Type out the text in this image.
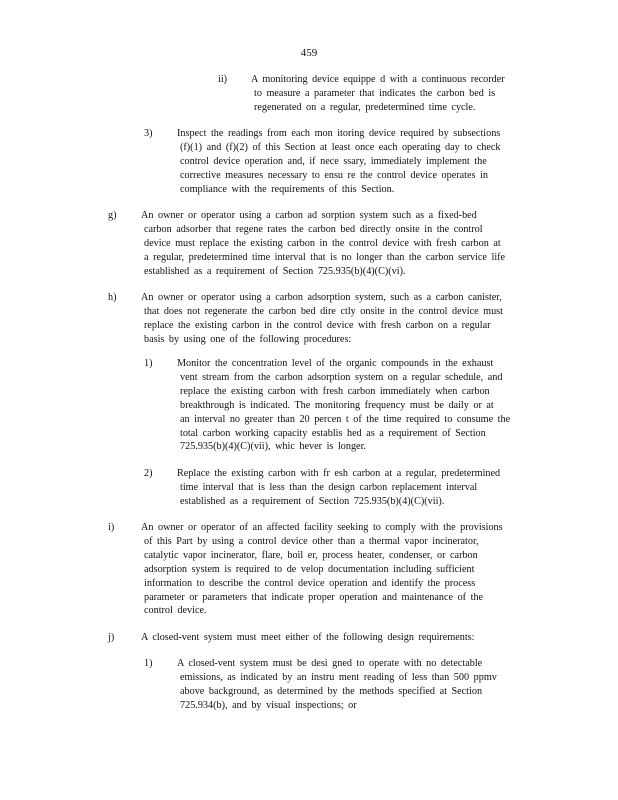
459
ii) A monitoring device equippe d with a continuous recorder
to measure a parameter that indicates the carbon bed is
regenerated on a regular, predetermined time cycle.
3) Inspect the readings from each mon itoring device required by subsections
(f)(1) and (f)(2) of this Section at least once each operating day to check
control device operation and, if nece ssary, immediately implement the
corrective measures necessary to ensu re the control device operates in
compliance with the requirements of this Section.
g) An owner or operator using a carbon ad sorption system such as a fixed-bed
carbon adsorber that regene rates the carbon bed directly onsite in the control
device must replace the existing carbon in the control device with fresh carbon at
a regular, predetermined time interval that is no longer than the carbon service life
established as a requirement of Section 725.935(b)(4)(C)(vi).
h) An owner or operator using a carbon adsorption system, such as a carbon canister,
that does not regenerate the carbon bed dire ctly onsite in the control device must
replace the existing carbon in the control device with fresh carbon on a regular
basis by using one of the following procedures:
1) Monitor the concentration level of the organic compounds in the exhaust
vent stream from the carbon adsorption system on a regular schedule, and
replace the existing carbon with fresh carbon immediately when carbon
breakthrough is indicated. The monitoring frequency must be daily or at
an interval no greater than 20 percen t of the time required to consume the
total carbon working capacity establis hed as a requirement of Section
725.935(b)(4)(C)(vii), whic hever is longer.
2) Replace the existing carbon with fr esh carbon at a regular, predetermined
time interval that is less than the design carbon replacement interval
established as a requirement of Section 725.935(b)(4)(C)(vii).
i)	An owner or operator of an affected facility seeking to comply with the provisions
of this Part by using a control device other than a thermal vapor incinerator,
catalytic vapor incinerator, flare, boil er, process heater, condenser, or carbon
adsorption system is required to de velop documentation including sufficient
information to describe the control device operation and identify the process
parameter or parameters that indicate proper operation and maintenance of the
control device.
j)	A closed-vent system must meet either of the following design requirements:
1) A closed-vent system must be desi gned to operate with no detectable
emissions, as indicated by an instru ment reading of less than 500 ppmv
above background, as determined by the methods specified at Section
725.934(b), and by visual inspections; or
